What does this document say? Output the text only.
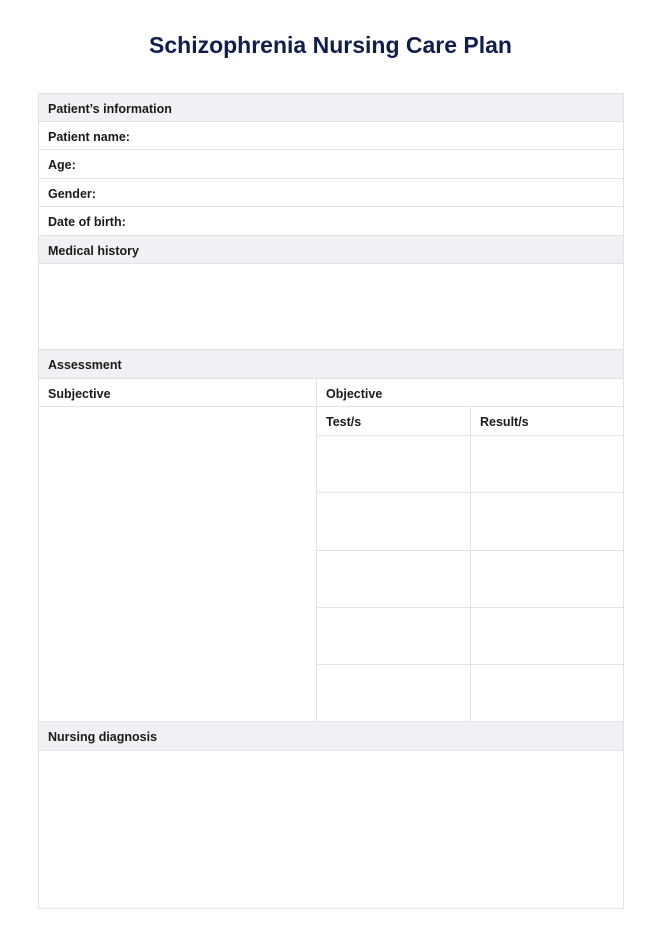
Schizophrenia Nursing Care Plan
Patient’s information
Patient name:
Age:
Gender:
Date of birth:
Medical history
Assessment
Subjective	Objective
Test/s	Result/s
Nursing diagnosis
